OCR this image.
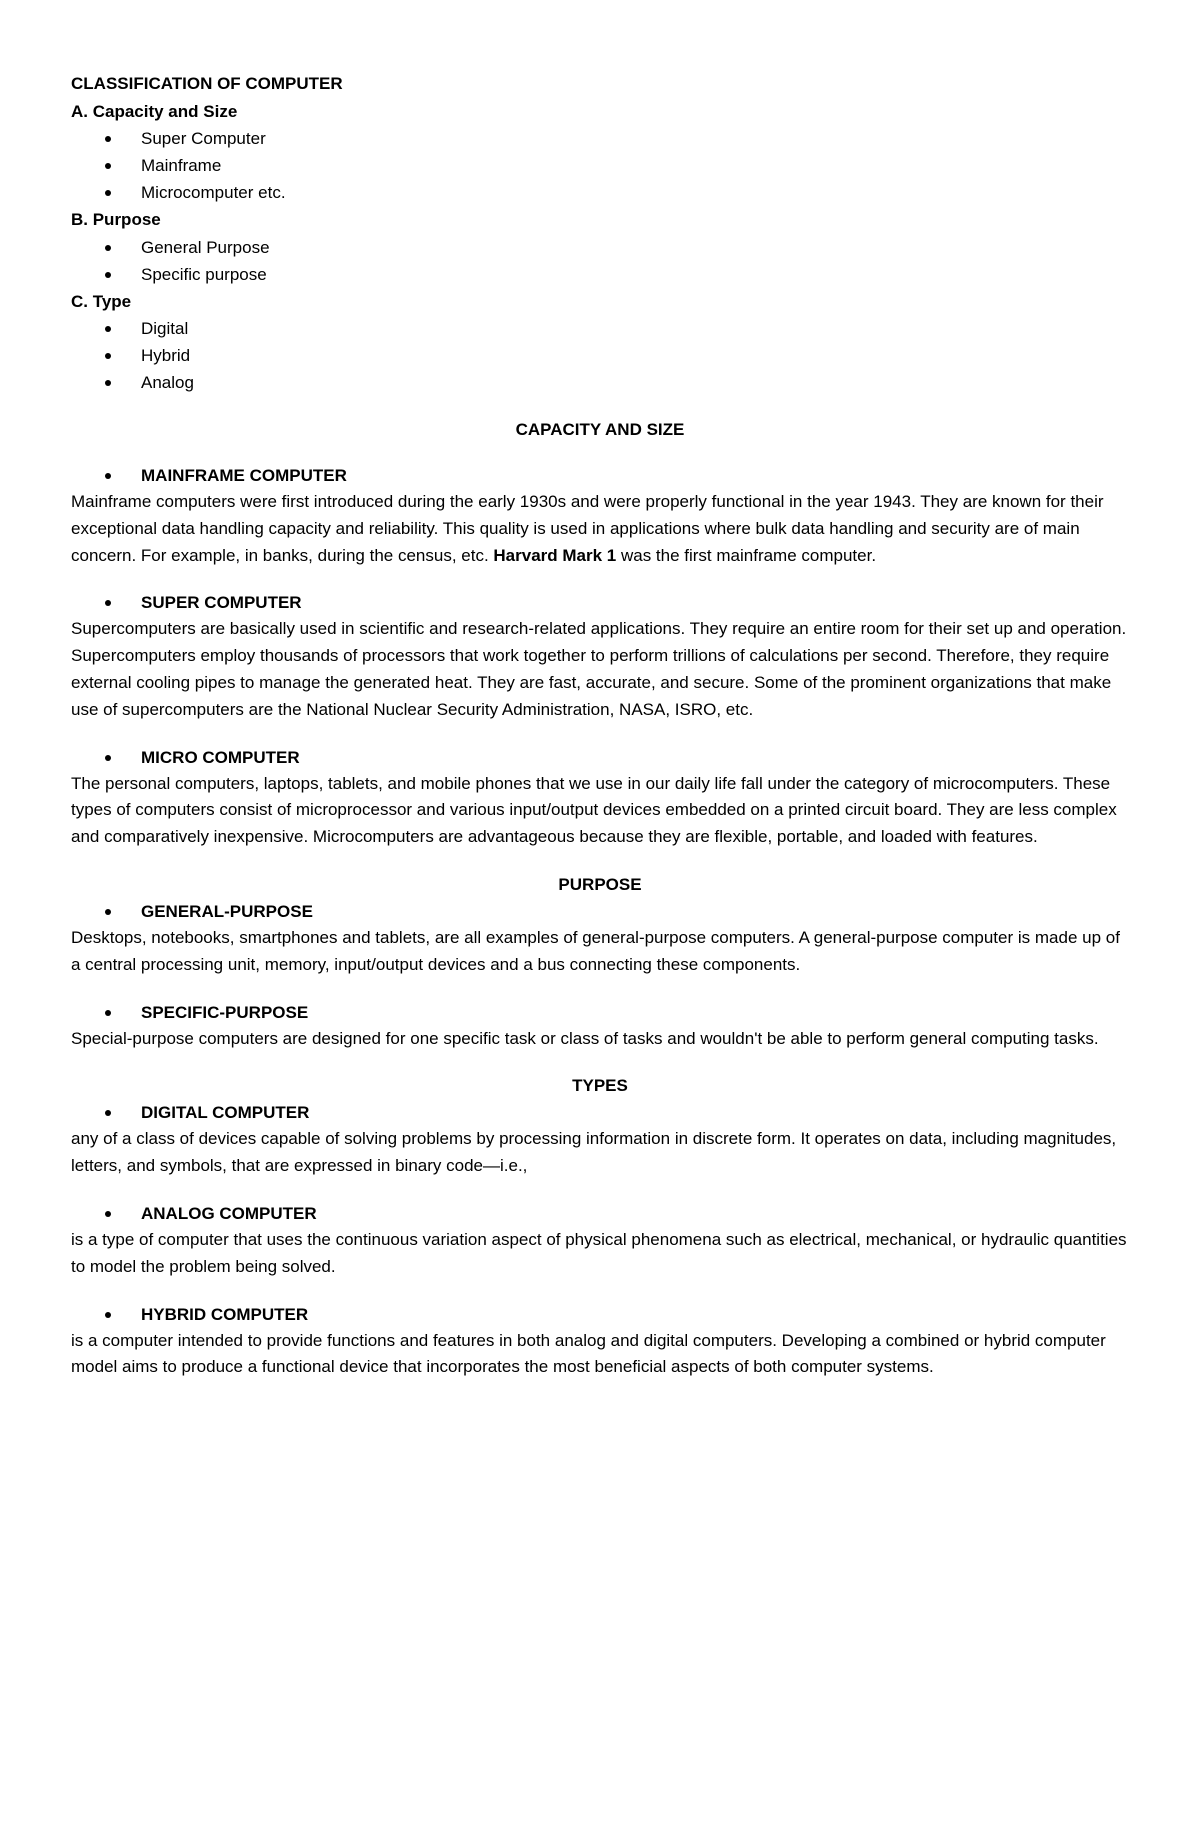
CLASSIFICATION OF COMPUTER
A. Capacity and Size
Super Computer
Mainframe
Microcomputer etc.
B. Purpose
General Purpose
Specific purpose
C. Type
Digital
Hybrid
Analog
CAPACITY AND SIZE
MAINFRAME COMPUTER

Mainframe computers were first introduced during the early 1930s and were properly functional in the year 1943. They are known for their exceptional data handling capacity and reliability. This quality is used in applications where bulk data handling and security are of main concern. For example, in banks, during the census, etc. Harvard Mark 1 was the first mainframe computer.

SUPER COMPUTER

Supercomputers are basically used in scientific and research-related applications. They require an entire room for their set up and operation. Supercomputers employ thousands of processors that work together to perform trillions of calculations per second. Therefore, they require external cooling pipes to manage the generated heat. They are fast, accurate, and secure. Some of the prominent organizations that make use of supercomputers are the National Nuclear Security Administration, NASA, ISRO, etc.

MICRO COMPUTER

The personal computers, laptops, tablets, and mobile phones that we use in our daily life fall under the category of microcomputers. These types of computers consist of microprocessor and various input/output devices embedded on a printed circuit board. They are less complex and comparatively inexpensive. Microcomputers are advantageous because they are flexible, portable, and loaded with features.

PURPOSE
GENERAL-PURPOSE

Desktops, notebooks, smartphones and tablets, are all examples of general-purpose computers. A general-purpose computer is made up of a central processing unit, memory, input/output devices and a bus connecting these components.

SPECIFIC-PURPOSE

Special-purpose computers are designed for one specific task or class of tasks and wouldn't be able to perform general computing tasks.

TYPES
DIGITAL COMPUTER

any of a class of devices capable of solving problems by processing information in discrete form. It operates on data, including magnitudes, letters, and symbols, that are expressed in binary code—i.e.,

ANALOG COMPUTER

is a type of computer that uses the continuous variation aspect of physical phenomena such as electrical, mechanical, or hydraulic quantities to model the problem being solved.

HYBRID COMPUTER

is a computer intended to provide functions and features in both analog and digital computers. Developing a combined or hybrid computer model aims to produce a functional device that incorporates the most beneficial aspects of both computer systems.
